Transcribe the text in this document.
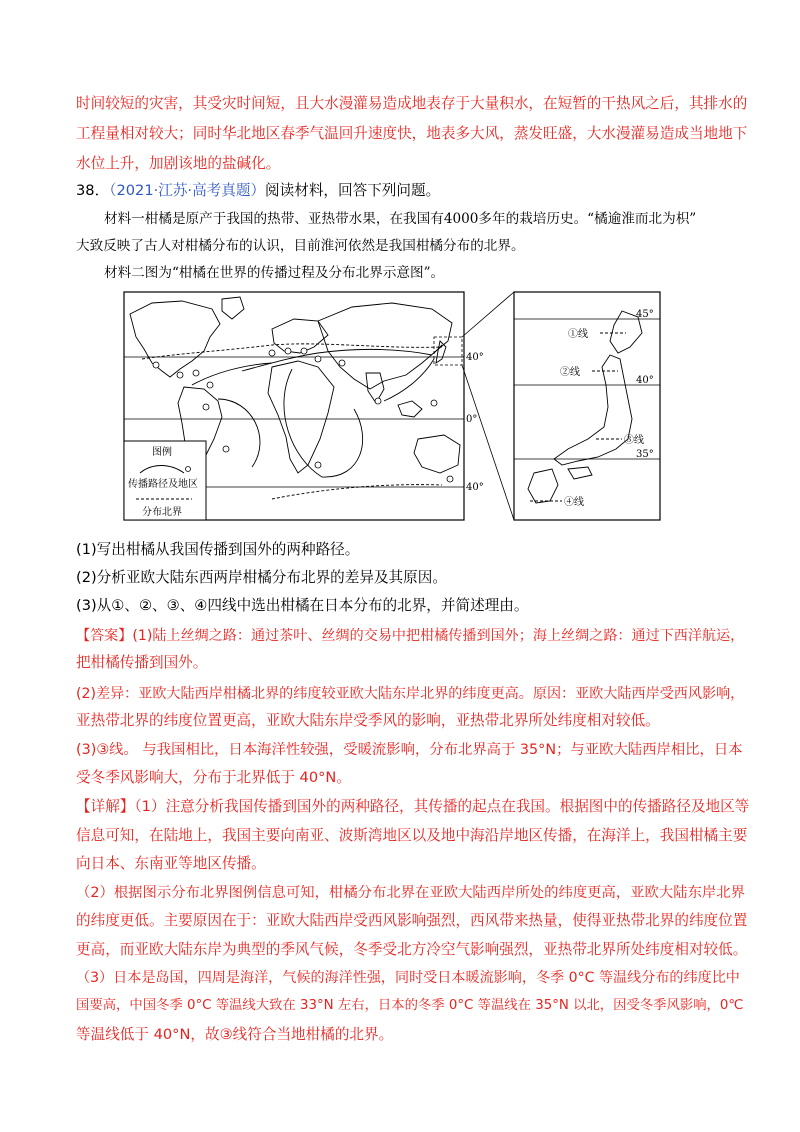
时间较短的灾害，其受灾时间短，且大水漫灌易造成地表存于大量积水，在短暂的干热风之后，其排水的
工程量相对较大；同时华北地区春季气温回升速度快，地表多大风，蒸发旺盛，大水漫灌易造成当地地下
水位上升，加剧该地的盐碱化。
38．（2021·江苏·高考真题）阅读材料，回答下列问题。
材料一柑橘是原产于我国的热带、亚热带水果，在我国有4000多年的栽培历史。“橘逾淮而北为枳”
大致反映了古人对柑橘分布的认识，目前淮河依然是我国柑橘分布的北界。
材料二图为“柑橘在世界的传播过程及分布北界示意图”。
40°
0°
40°
图例
传播路径及地区
分布北界
①线
②线
③线
④线
45°
40°
35°
(1)写出柑橘从我国传播到国外的两种路径。
(2)分析亚欧大陆东西两岸柑橘分布北界的差异及其原因。
(3)从①、②、③、④四线中选出柑橘在日本分布的北界，并简述理由。
【答案】(1)陆上丝绸之路：通过茶叶、丝绸的交易中把柑橘传播到国外；海上丝绸之路：通过下西洋航运，
把柑橘传播到国外。
(2)差异：亚欧大陆西岸柑橘北界的纬度较亚欧大陆东岸北界的纬度更高。原因：亚欧大陆西岸受西风影响，
亚热带北界的纬度位置更高，亚欧大陆东岸受季风的影响，亚热带北界所处纬度相对较低。
(3)③线。 与我国相比，日本海洋性较强，受暖流影响，分布北界高于 35°N；与亚欧大陆西岸相比，日本
受冬季风影响大，分布于北界低于 40°N。
【详解】（1）注意分析我国传播到国外的两种路径，其传播的起点在我国。根据图中的传播路径及地区等
信息可知，在陆地上，我国主要向南亚、波斯湾地区以及地中海沿岸地区传播，在海洋上，我国柑橘主要
向日本、东南亚等地区传播。
（2）根据图示分布北界图例信息可知，柑橘分布北界在亚欧大陆西岸所处的纬度更高，亚欧大陆东岸北界
的纬度更低。主要原因在于：亚欧大陆西岸受西风影响强烈，西风带来热量，使得亚热带北界的纬度位置
更高，而亚欧大陆东岸为典型的季风气候，冬季受北方冷空气影响强烈，亚热带北界所处纬度相对较低。
（3）日本是岛国，四周是海洋，气候的海洋性强，同时受日本暖流影响，冬季 0°C 等温线分布的纬度比中
国要高，中国冬季 0°C 等温线大致在 33°N 左右，日本的冬季 0°C 等温线在 35°N 以北，因受冬季风影响，0℃
等温线低于 40°N，故③线符合当地柑橘的北界。
